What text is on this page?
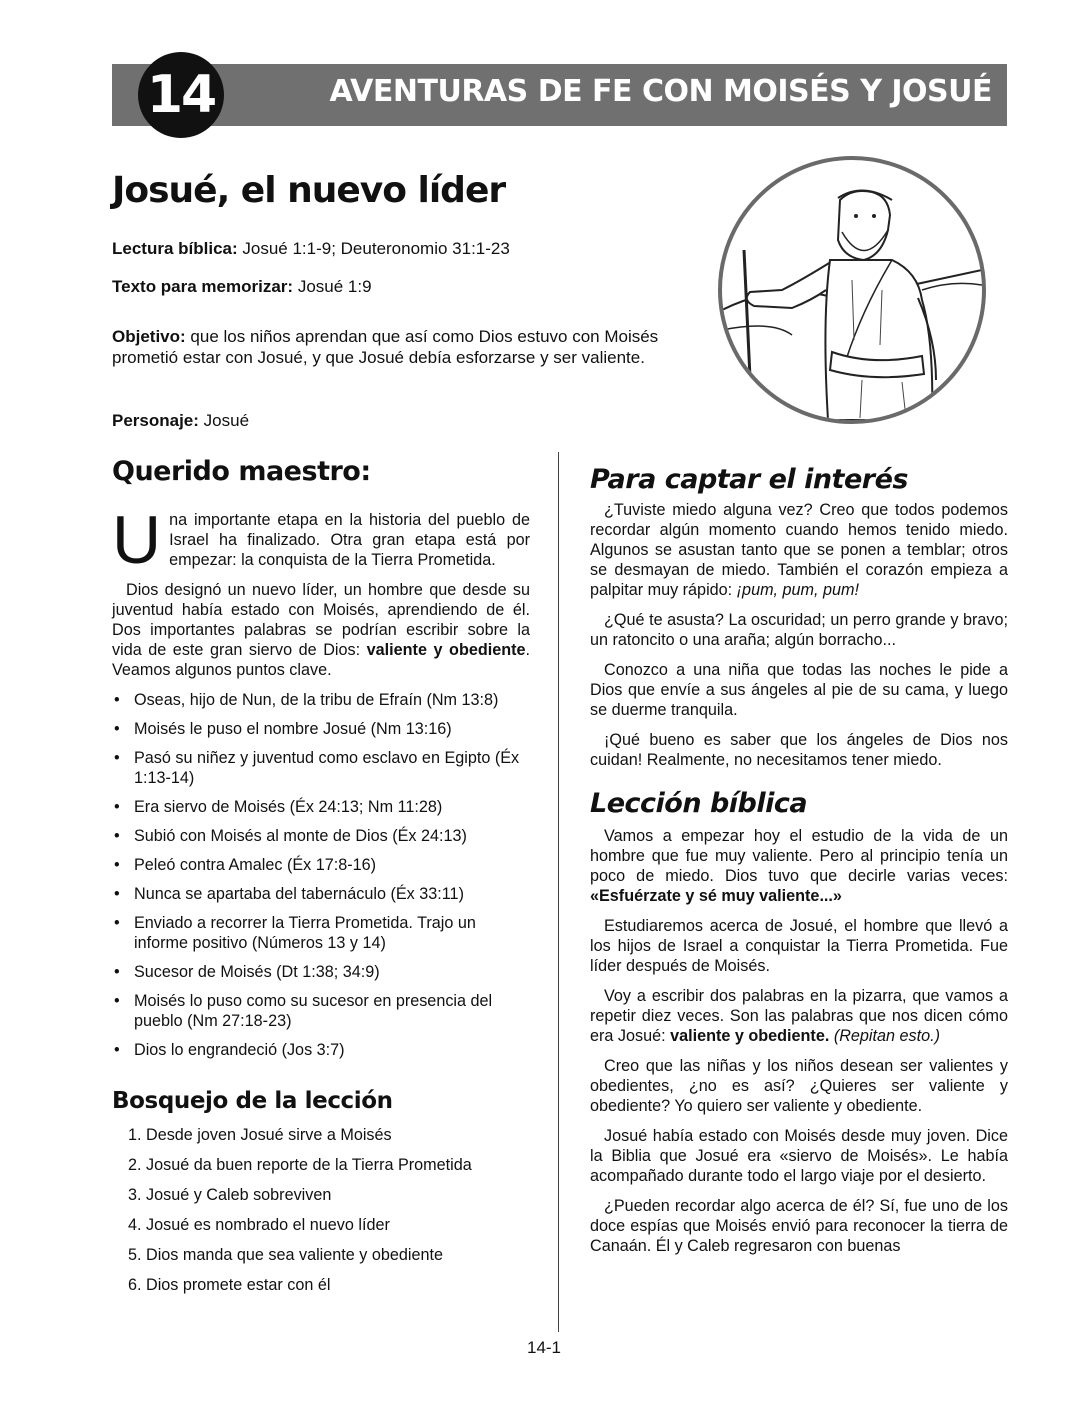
14	AVENTURAS DE FE CON MOISÉS Y JOSUÉ
Josué, el nuevo líder

Lectura bíblica: Josué 1:1-9; Deuteronomio 31:1-23

Texto para memorizar: Josué 1:9

Objetivo: que los niños aprendan que así como Dios estuvo con Moisés prometió estar con Josué, y que Josué debía esforzarse y ser valiente.

Personaje: Josué

Querido maestro:
U na importante etapa en la historia del pueblo de Israel ha finalizado. Otra gran etapa está por empezar: la conquista de la Tierra Prometida.

Dios designó un nuevo líder, un hombre que desde su juventud había estado con Moisés, aprendiendo de él. Dos importantes palabras se podrían escribir sobre la vida de este gran siervo de Dios: valiente y obediente. Veamos algunos puntos clave.

• Oseas, hijo de Nun, de la tribu de Efraín (Nm 13:8)
• Moisés le puso el nombre Josué (Nm 13:16)
• Pasó su niñez y juventud como esclavo en Egipto (Éx 1:13-14)
• Era siervo de Moisés (Éx 24:13; Nm 11:28)
• Subió con Moisés al monte de Dios (Éx 24:13)
• Peleó contra Amalec (Éx 17:8-16)
• Nunca se apartaba del tabernáculo (Éx 33:11)
• Enviado a recorrer la Tierra Prometida. Trajo un informe positivo (Números 13 y 14)
• Sucesor de Moisés (Dt 1:38; 34:9)
• Moisés lo puso como su sucesor en presencia del pueblo (Nm 27:18-23)
• Dios lo engrandeció (Jos 3:7)
Bosquejo de la lección
1. Desde joven Josué sirve a Moisés
2. Josué da buen reporte de la Tierra Prometida
3. Josué y Caleb sobreviven
4. Josué es nombrado el nuevo líder
5. Dios manda que sea valiente y obediente
6. Dios promete estar con él
Para captar el interés

¿Tuviste miedo alguna vez? Creo que todos podemos recordar algún momento cuando hemos tenido miedo. Algunos se asustan tanto que se ponen a temblar; otros se desmayan de miedo. También el corazón empieza a palpitar muy rápido: ¡pum, pum, pum!

¿Qué te asusta? La oscuridad; un perro grande y bravo; un ratoncito o una araña; algún borracho...

Conozco a una niña que todas las noches le pide a Dios que envíe a sus ángeles al pie de su cama, y luego se duerme tranquila.

¡Qué bueno es saber que los ángeles de Dios nos cuidan! Realmente, no necesitamos tener miedo.

Lección bíblica

Vamos a empezar hoy el estudio de la vida de un hombre que fue muy valiente. Pero al principio tenía un poco de miedo. Dios tuvo que decirle varias veces: «Esfuérzate y sé muy valiente...»

Estudiaremos acerca de Josué, el hombre que llevó a los hijos de Israel a conquistar la Tierra Prometida. Fue líder después de Moisés.

Voy a escribir dos palabras en la pizarra, que vamos a repetir diez veces. Son las palabras que nos dicen cómo era Josué: valiente y obediente. (Repitan esto.)

Creo que las niñas y los niños desean ser valientes y obedientes, ¿no es así? ¿Quieres ser valiente y obediente? Yo quiero ser valiente y obediente.

Josué había estado con Moisés desde muy joven. Dice la Biblia que Josué era «siervo de Moisés». Le había acompañado durante todo el largo viaje por el desierto.

¿Pueden recordar algo acerca de él? Sí, fue uno de los doce espías que Moisés envió para reconocer la tierra de Canaán. Él y Caleb regresaron con buenas

14-1
